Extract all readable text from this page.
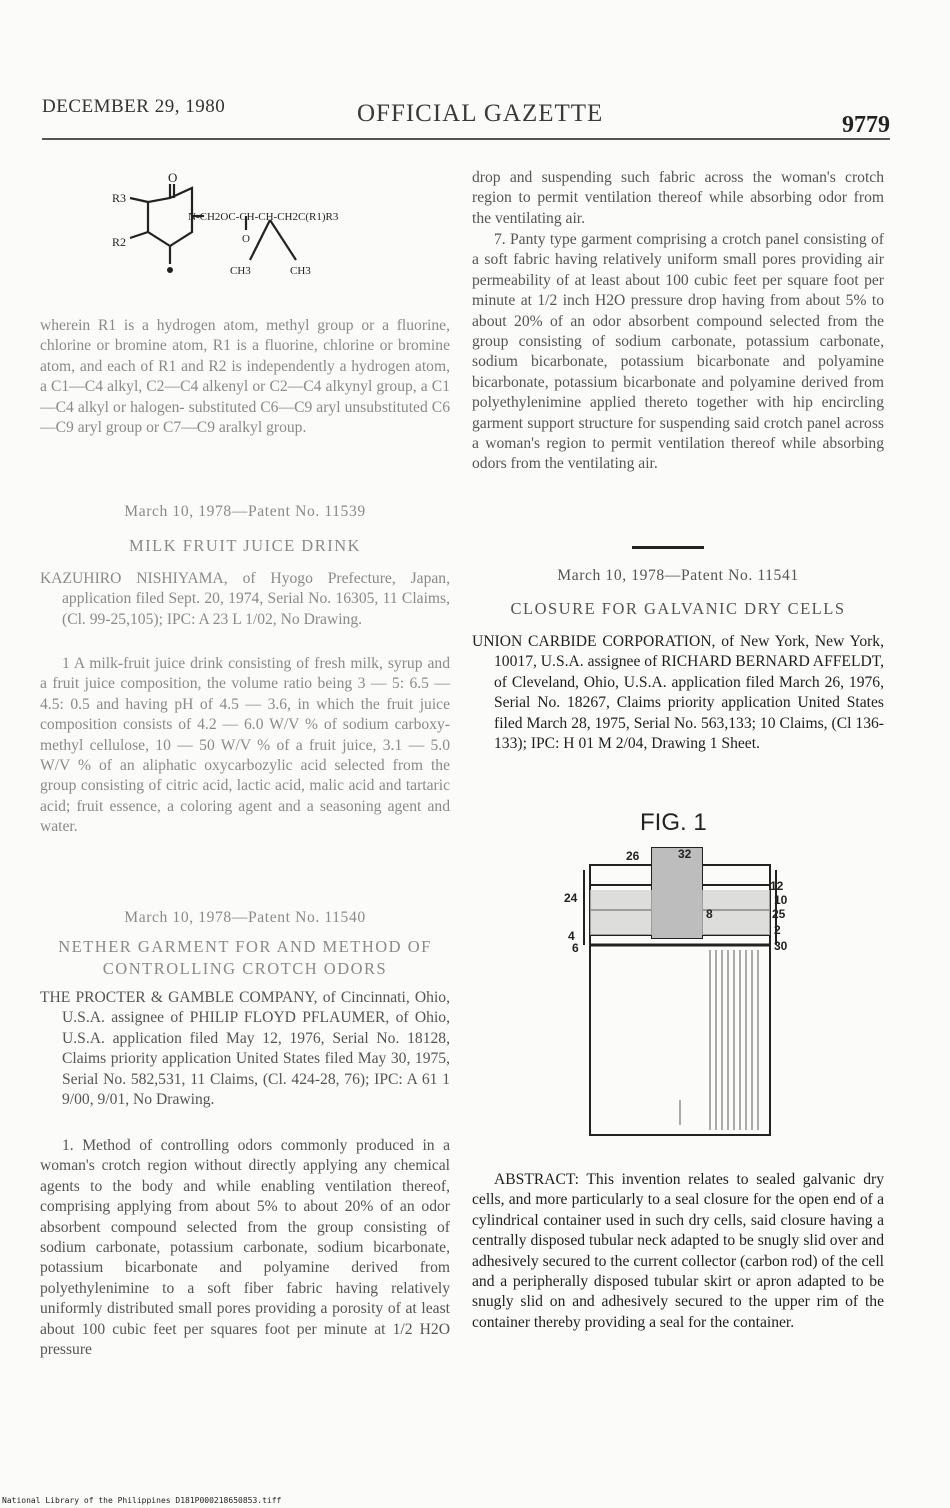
DECEMBER 29, 1980	OFFICIAL GAZETTE	9779
O
R3
R2
N-CH2OC-CH-CH-CH2C(R1)R3
O
CH3	CH3

wherein R1 is a hydrogen atom, methyl group or a fluorine, chlorine or bromine atom, R1 is a fluorine, chlorine or bromine atom, and each of R1 and R2 is independently a hydrogen atom, a C1—C4 alkyl, C2—C4 alkenyl or C2—C4 alkynyl group, a C1—C4 alkyl or halogen- substituted C6—C9 aryl unsubstituted C6—C9 aryl group or C7—C9 aralkyl group.

March 10, 1978—Patent No. 11539
MILK FRUIT JUICE DRINK

KAZUHIRO NISHIYAMA, of Hyogo Prefecture, Japan, application filed Sept. 20, 1974, Serial No. 16305, 11 Claims, (Cl. 99-25,105); IPC: A 23 L 1/02, No Drawing.

1 A milk-fruit juice drink consisting of fresh milk, syrup and a fruit juice composition, the volume ratio being 3 — 5: 6.5 — 4.5: 0.5 and having pH of 4.5 — 3.6, in which the fruit juice composition consists of 4.2 — 6.0 W/V % of sodium carboxy-methyl cellulose, 10 — 50 W/V % of a fruit juice, 3.1 — 5.0 W/V % of an aliphatic oxycarbozylic acid selected from the group consisting of citric acid, lactic acid, malic acid and tartaric acid; fruit essence, a coloring agent and a seasoning agent and water.

March 10, 1978—Patent No. 11540
NETHER GARMENT FOR AND METHOD OF
CONTROLLING CROTCH ODORS

THE PROCTER & GAMBLE COMPANY, of Cincinnati, Ohio, U.S.A. assignee of PHILIP FLOYD PFLAUMER, of Ohio, U.S.A. application filed May 12, 1976, Serial No. 18128, Claims priority application United States filed May 30, 1975, Serial No. 582,531, 11 Claims, (Cl. 424-28, 76); IPC: A 61 1 9/00, 9/01, No Drawing.

1. Method of controlling odors commonly produced in a woman's crotch region without directly applying any chemical agents to the body and while enabling ventilation thereof, comprising applying from about 5% to about 20% of an odor absorbent compound selected from the group consisting of sodium carbonate, potassium carbonate, sodium bicarbonate, potassium bicarbonate and polyamine derived from polyethylenimine to a soft fiber fabric having relatively uniformly distributed small pores providing a porosity of at least about 100 cubic feet per squares foot per minute at 1/2 H2O pressure

drop and suspending such fabric across the woman's crotch region to permit ventilation thereof while absorbing odor from the ventilating air.

7. Panty type garment comprising a crotch panel consisting of a soft fabric having relatively uniform small pores providing air permeability of at least about 100 cubic feet per square foot per minute at 1/2 inch H2O pressure drop having from about 5% to about 20% of an odor absorbent compound selected from the group consisting of sodium carbonate, potassium carbonate, sodium bicarbonate, potassium bicarbonate and polyamine bicarbonate, potassium bicarbonate and polyamine derived from polyethylenimine applied thereto together with hip encircling garment support structure for suspending said crotch panel across a woman's region to permit ventilation thereof while absorbing odors from the ventilating air.

March 10, 1978—Patent No. 11541
CLOSURE FOR GALVANIC DRY CELLS

UNION CARBIDE CORPORATION, of New York, New York, 10017, U.S.A. assignee of RICHARD BERNARD AFFELDT, of Cleveland, Ohio, U.S.A. application filed March 26, 1976, Serial No. 18267, Claims priority application United States filed March 28, 1975, Serial No. 563,133; 10 Claims, (Cl 136-133); IPC: H 01 M 2/04, Drawing 1 Sheet.

FIG. 1
32
26
24
4
6
8
12
10
25
2
30

ABSTRACT: This invention relates to sealed galvanic dry cells, and more particularly to a seal closure for the open end of a cylindrical container used in such dry cells, said closure having a centrally disposed tubular neck adapted to be snugly slid over and adhesively secured to the current collector (carbon rod) of the cell and a peripherally disposed tubular skirt or apron adapted to be snugly slid on and adhesively secured to the upper rim of the container thereby providing a seal for the container.

National Library of the Philippines D181P000218650853.tiff
